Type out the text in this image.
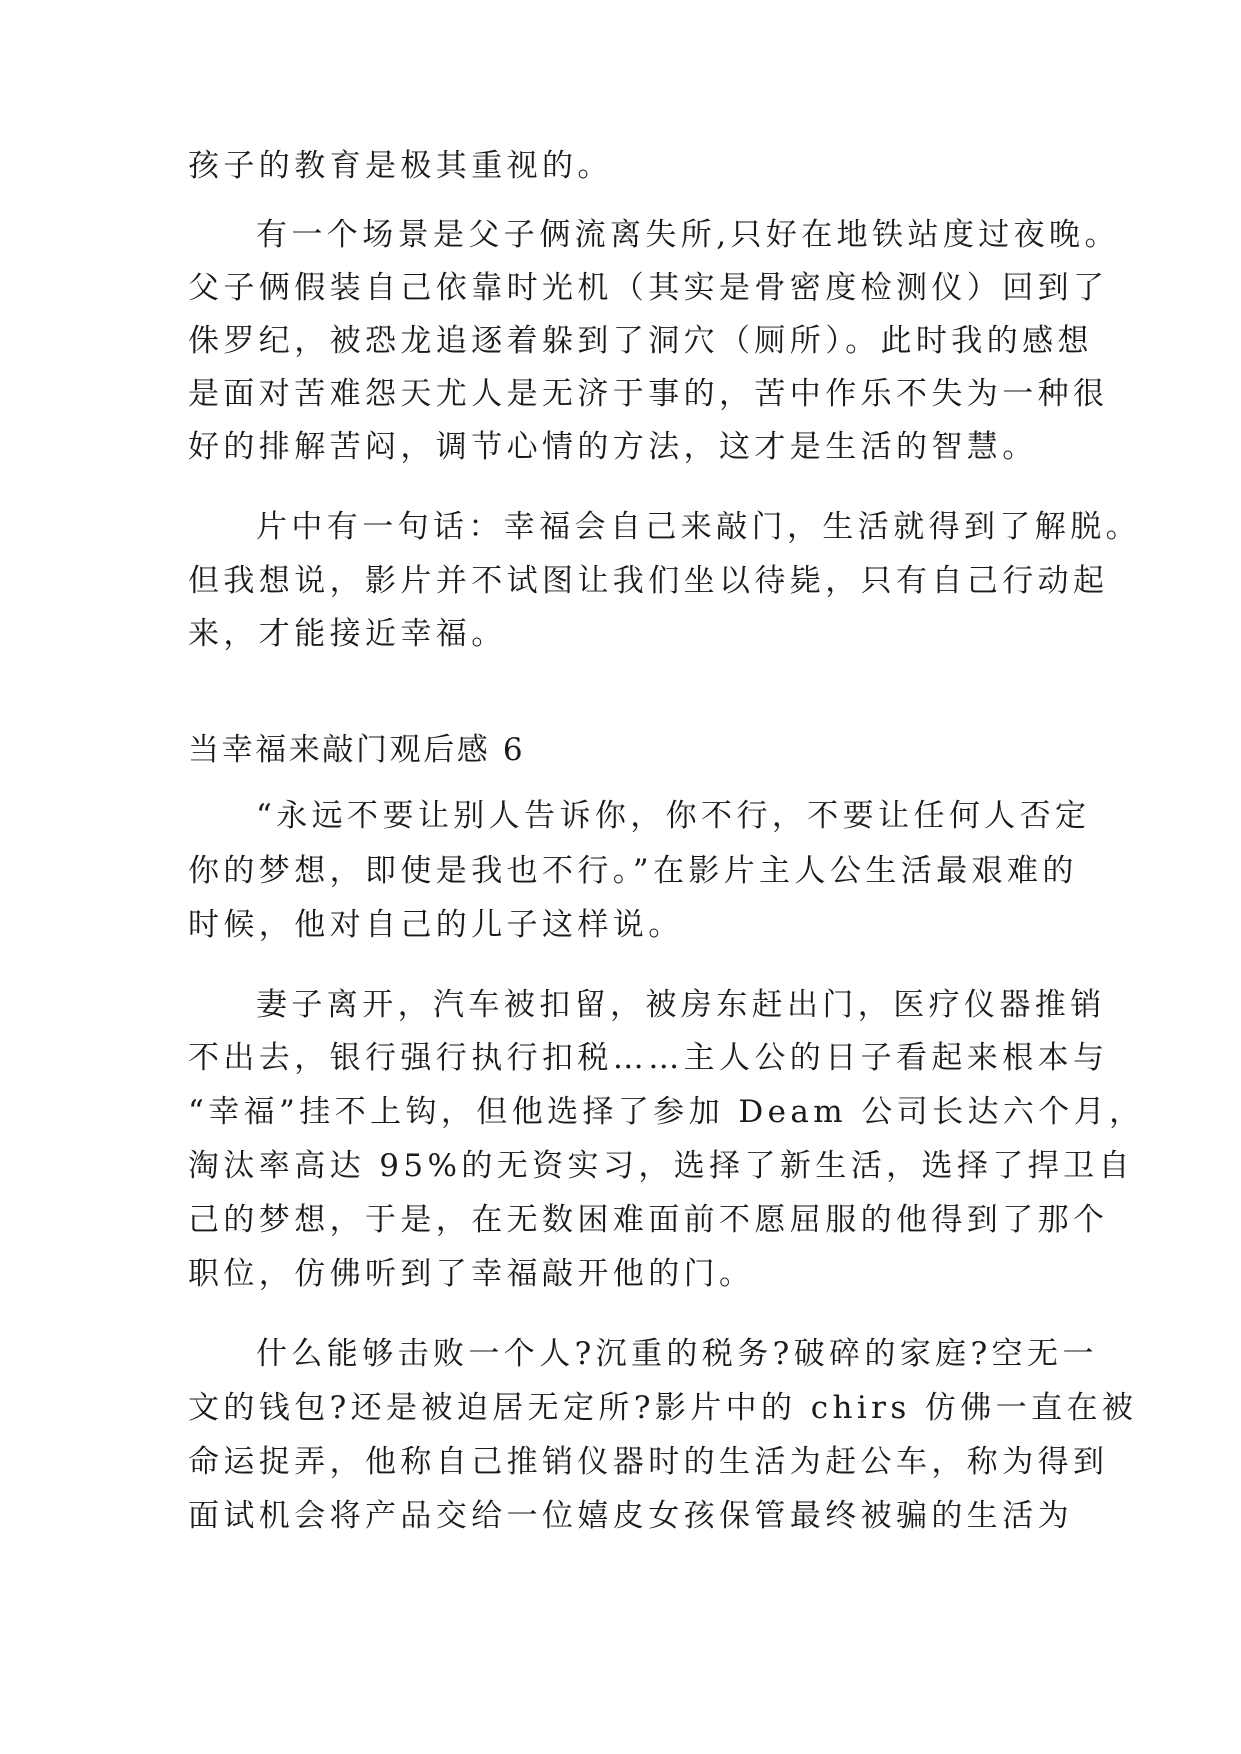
孩子的教育是极其重视的。

有一个场景是父子俩流离失所,只好在地铁站度过夜晚。

父子俩假装自己依靠时光机（其实是骨密度检测仪）回到了

侏罗纪，被恐龙追逐着躲到了洞穴（厕所）。此时我的感想

是面对苦难怨天尤人是无济于事的，苦中作乐不失为一种很

好的排解苦闷，调节心情的方法，这才是生活的智慧。

片中有一句话：幸福会自己来敲门，生活就得到了解脱。

但我想说，影片并不试图让我们坐以待毙，只有自己行动起

来，才能接近幸福。

当幸福来敲门观后感 6

“永远不要让别人告诉你，你不行，不要让任何人否定

你的梦想，即使是我也不行。”在影片主人公生活最艰难的

时候，他对自己的儿子这样说。

妻子离开，汽车被扣留，被房东赶出门，医疗仪器推销

不出去，银行强行执行扣税……主人公的日子看起来根本与

“幸福”挂不上钩，但他选择了参加 Deam 公司长达六个月，

淘汰率高达 95%的无资实习，选择了新生活，选择了捍卫自

己的梦想，于是，在无数困难面前不愿屈服的他得到了那个

职位，仿佛听到了幸福敲开他的门。

什么能够击败一个人?沉重的税务?破碎的家庭?空无一

文的钱包?还是被迫居无定所?影片中的 chirs 仿佛一直在被

命运捉弄，他称自己推销仪器时的生活为赶公车，称为得到

面试机会将产品交给一位嬉皮女孩保管最终被骗的生活为
